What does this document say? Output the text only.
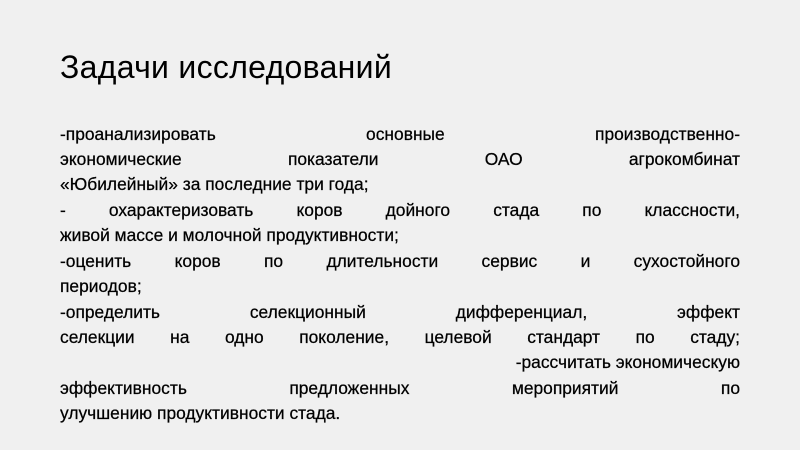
Задачи исследований
-проанализировать основные производственно-
экономические показатели ОАО агрокомбинат
«Юбилейный» за последние три года;
- охарактеризовать коров дойного стада по классности,
живой массе и молочной продуктивности;
-оценить коров по длительности сервис и сухостойного
периодов;
-определить селекционный дифференциал, эффект
селекции на одно поколение, целевой стандарт по стаду;
-рассчитать экономическую
эффективность предложенных мероприятий по
улучшению продуктивности стада.
